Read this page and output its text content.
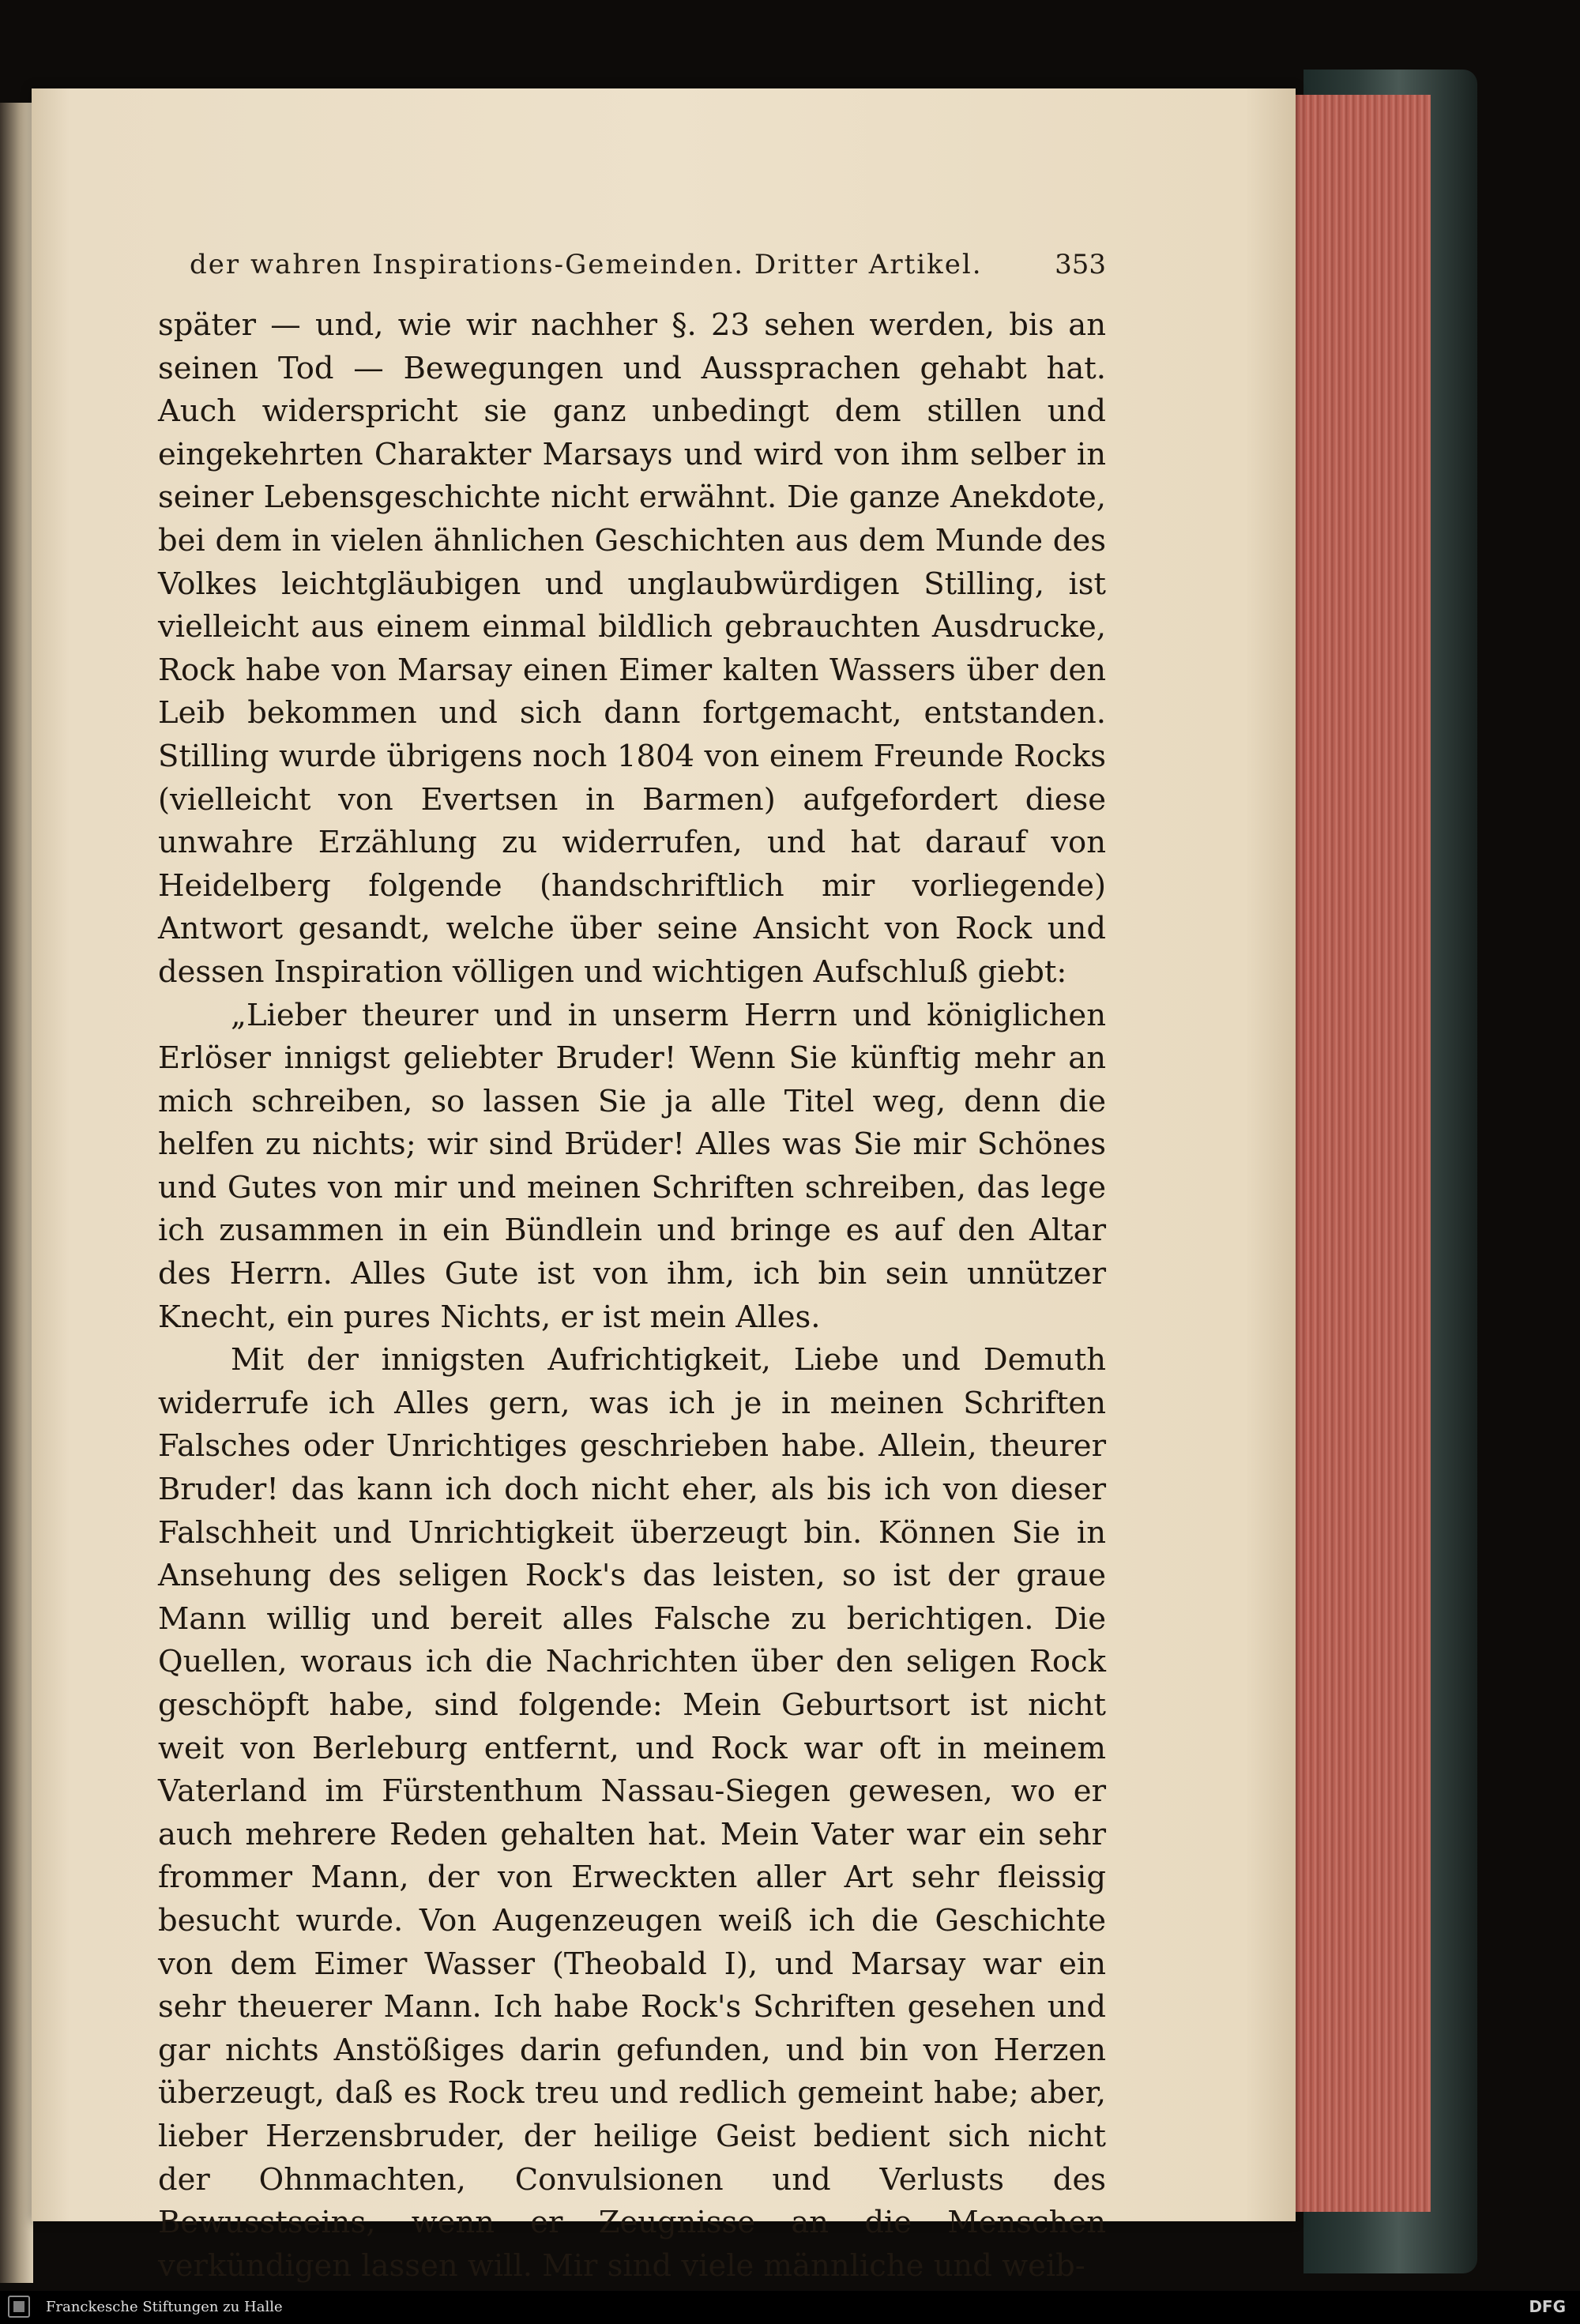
der wahren Inspirations-Gemeinden. Dritter Artikel.	353

später — und, wie wir nachher §. 23 sehen werden, bis an seinen Tod — Bewegungen und Aussprachen gehabt hat. Auch widerspricht sie ganz unbedingt dem stillen und eingekehrten Charakter Marsays und wird von ihm selber in seiner Lebensgeschichte nicht erwähnt. Die ganze Anekdote, bei dem in vielen ähnlichen Geschichten aus dem Munde des Volkes leichtgläubigen und unglaubwürdigen Stilling, ist vielleicht aus einem einmal bildlich gebrauchten Ausdrucke, Rock habe von Marsay einen Eimer kalten Wassers über den Leib bekommen und sich dann fortgemacht, entstanden. Stilling wurde übrigens noch 1804 von einem Freunde Rocks (vielleicht von Evertsen in Barmen) aufgefordert diese unwahre Erzählung zu widerrufen, und hat darauf von Heidelberg folgende (handschriftlich mir vorliegende) Antwort gesandt, welche über seine Ansicht von Rock und dessen Inspiration völligen und wichtigen Aufschluß giebt:

„Lieber theurer und in unserm Herrn und königlichen Erlöser innigst geliebter Bruder! Wenn Sie künftig mehr an mich schreiben, so lassen Sie ja alle Titel weg, denn die helfen zu nichts; wir sind Brüder! Alles was Sie mir Schönes und Gutes von mir und meinen Schriften schreiben, das lege ich zusammen in ein Bündlein und bringe es auf den Altar des Herrn. Alles Gute ist von ihm, ich bin sein unnützer Knecht, ein pures Nichts, er ist mein Alles.

Mit der innigsten Aufrichtigkeit, Liebe und Demuth widerrufe ich Alles gern, was ich je in meinen Schriften Falsches oder Unrichtiges geschrieben habe. Allein, theurer Bruder! das kann ich doch nicht eher, als bis ich von dieser Falschheit und Unrichtigkeit überzeugt bin. Können Sie in Ansehung des seligen Rock's das leisten, so ist der graue Mann willig und bereit alles Falsche zu berichtigen. Die Quellen, woraus ich die Nachrichten über den seligen Rock geschöpft habe, sind folgende: Mein Geburtsort ist nicht weit von Berleburg entfernt, und Rock war oft in meinem Vaterland im Fürstenthum Nassau-Siegen gewesen, wo er auch mehrere Reden gehalten hat. Mein Vater war ein sehr frommer Mann, der von Erweckten aller Art sehr fleissig besucht wurde. Von Augenzeugen weiß ich die Geschichte von dem Eimer Wasser (Theobald I), und Marsay war ein sehr theuerer Mann. Ich habe Rock's Schriften gesehen und gar nichts Anstößiges darin gefunden, und bin von Herzen überzeugt, daß es Rock treu und redlich gemeint habe; aber, lieber Herzensbruder, der heilige Geist bedient sich nicht der Ohnmachten, Convulsionen und Verlusts des Bewusstseins, wenn er Zeugnisse an die Menschen verkündigen lassen will. Mir sind viele männliche und weib-

Franckesche Stiftungen zu Halle	DFG
